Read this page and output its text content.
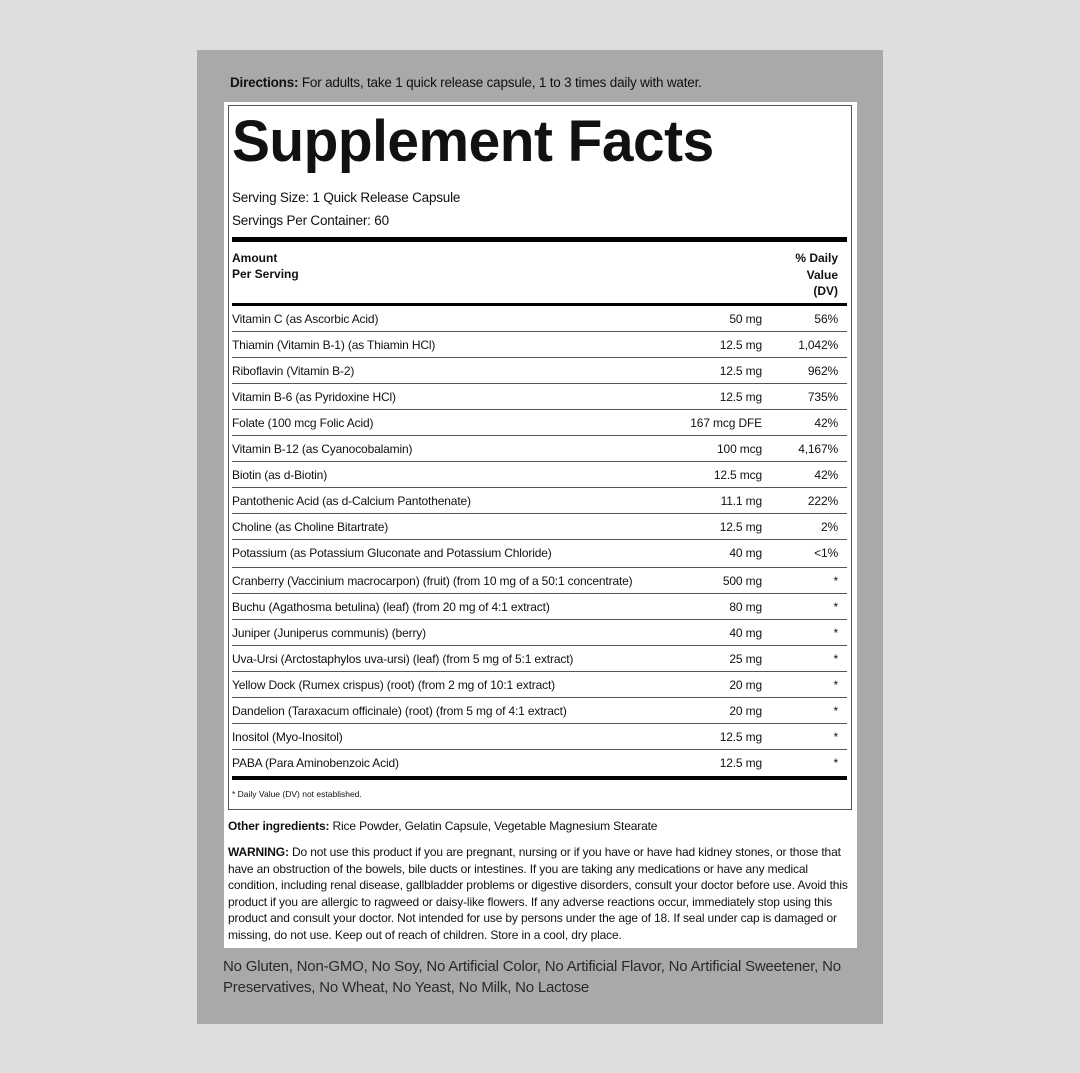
Directions: For adults, take 1 quick release capsule, 1 to 3 times daily with water.
Supplement Facts
Serving Size: 1 Quick Release Capsule
Servings Per Container: 60
Amount
Per Serving
% Daily
Value
(DV)
Vitamin C (as Ascorbic Acid)	50 mg	56%
Thiamin (Vitamin B-1) (as Thiamin HCl)	12.5 mg	1,042%
Riboflavin (Vitamin B-2)	12.5 mg	962%
Vitamin B-6 (as Pyridoxine HCl)	12.5 mg	735%
Folate (100 mcg Folic Acid)	167 mcg DFE	42%
Vitamin B-12 (as Cyanocobalamin)	100 mcg	4,167%
Biotin (as d-Biotin)	12.5 mcg	42%
Pantothenic Acid (as d-Calcium Pantothenate)	11.1 mg	222%
Choline (as Choline Bitartrate)	12.5 mg	2%
Potassium (as Potassium Gluconate and Potassium Chloride)	40 mg	<1%
Cranberry (Vaccinium macrocarpon) (fruit) (from 10 mg of a 50:1 concentrate)	500 mg	*
Buchu (Agathosma betulina) (leaf) (from 20 mg of 4:1 extract)	80 mg	*
Juniper (Juniperus communis) (berry)	40 mg	*
Uva-Ursi (Arctostaphylos uva-ursi) (leaf) (from 5 mg of 5:1 extract)	25 mg	*
Yellow Dock (Rumex crispus) (root) (from 2 mg of 10:1 extract)	20 mg	*
Dandelion (Taraxacum officinale) (root) (from 5 mg of 4:1 extract)	20 mg	*
Inositol (Myo-Inositol)	12.5 mg	*
PABA (Para Aminobenzoic Acid)	12.5 mg	*
* Daily Value (DV) not established.
Other ingredients: Rice Powder, Gelatin Capsule, Vegetable Magnesium Stearate
WARNING: Do not use this product if you are pregnant, nursing or if you have or have had kidney stones, or those that have an obstruction of the bowels, bile ducts or intestines. If you are taking any medications or have any medical condition, including renal disease, gallbladder problems or digestive disorders, consult your doctor before use. Avoid this product if you are allergic to ragweed or daisy-like flowers. If any adverse reactions occur, immediately stop using this product and consult your doctor. Not intended for use by persons under the age of 18. If seal under cap is damaged or missing, do not use. Keep out of reach of children. Store in a cool, dry place.
No Gluten, Non-GMO, No Soy, No Artificial Color, No Artificial Flavor, No Artificial Sweetener, No Preservatives, No Wheat, No Yeast, No Milk, No Lactose
